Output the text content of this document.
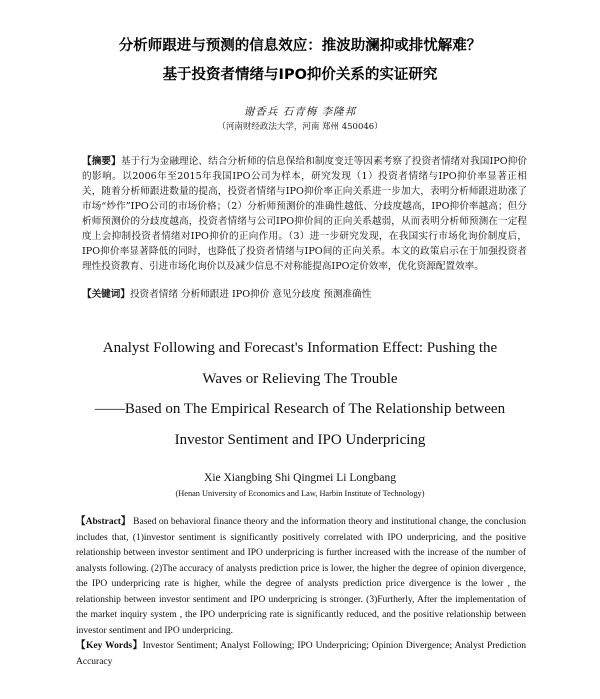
分析师跟进与预测的信息效应：推波助澜抑或排忧解难？
基于投资者情绪与IPO抑价关系的实证研究
谢香兵 石青梅 李隆邦
（河南财经政法大学，河南 郑州 450046）
【摘要】基于行为金融理论、结合分析师的信息保给和制度变迁等因素考察了投资者情绪对我国IPO抑价的影响。以2006年至2015年我国IPO公司为样本，研究发现（1）投资者情绪与IPO抑价率显著正相关，随着分析师跟进数量的提高，投资者情绪与IPO抑价率正向关系进一步加大，表明分析师跟进助涨了市场“炒作”IPO公司的市场价格；（2）分析师预测价的准确性越低、分歧度越高，IPO抑价率越高；但分析师预测价的分歧度越高，投资者情绪与公司IPO抑价间的正向关系越弱，从而表明分析师预测在一定程度上会抑制投资者情绪对IPO抑价的正向作用。（3）进一步研究发现，在我国实行市场化询价制度后，IPO抑价率显著降低的同时，也降低了投资者情绪与IPO间的正向关系。本文的政策启示在于加强投资者理性投资教育、引进市场化询价以及减少信息不对称能提高IPO定价效率，优化资源配置效率。
【关键词】投资者情绪 分析师跟进 IPO抑价 意见分歧度 预测准确性
Analyst Following and Forecast's Information Effect: Pushing the
Waves or Relieving The Trouble
——Based on The Empirical Research of The Relationship between
Investor Sentiment and IPO Underpricing
Xie Xiangbing Shi Qingmei Li Longbang
(Henan University of Economics and Law, Harbin Institute of Technology)
【Abstract】 Based on behavioral finance theory and the information theory and institutional change, the conclusion includes that, (1)investor sentiment is significantly positively correlated with IPO underpricing, and the positive relationship between investor sentiment and IPO underpricing is further increased with the increase of the number of analysts following. (2)The accuracy of analysts prediction price is lower, the higher the degree of opinion divergence, the IPO underpricing rate is higher, while the degree of analysts prediction price divergence is the lower , the relationship between investor sentiment and IPO underpricing is stronger. (3)Furtherly, After the implementation of the market inquiry system , the IPO underpricing rate is significantly reduced, and the positive relationship between investor sentiment and IPO underpricing.
【Key Words】Investor Sentiment; Analyst Following; IPO Underpricing; Opinion Divergence; Analyst Prediction Accuracy
